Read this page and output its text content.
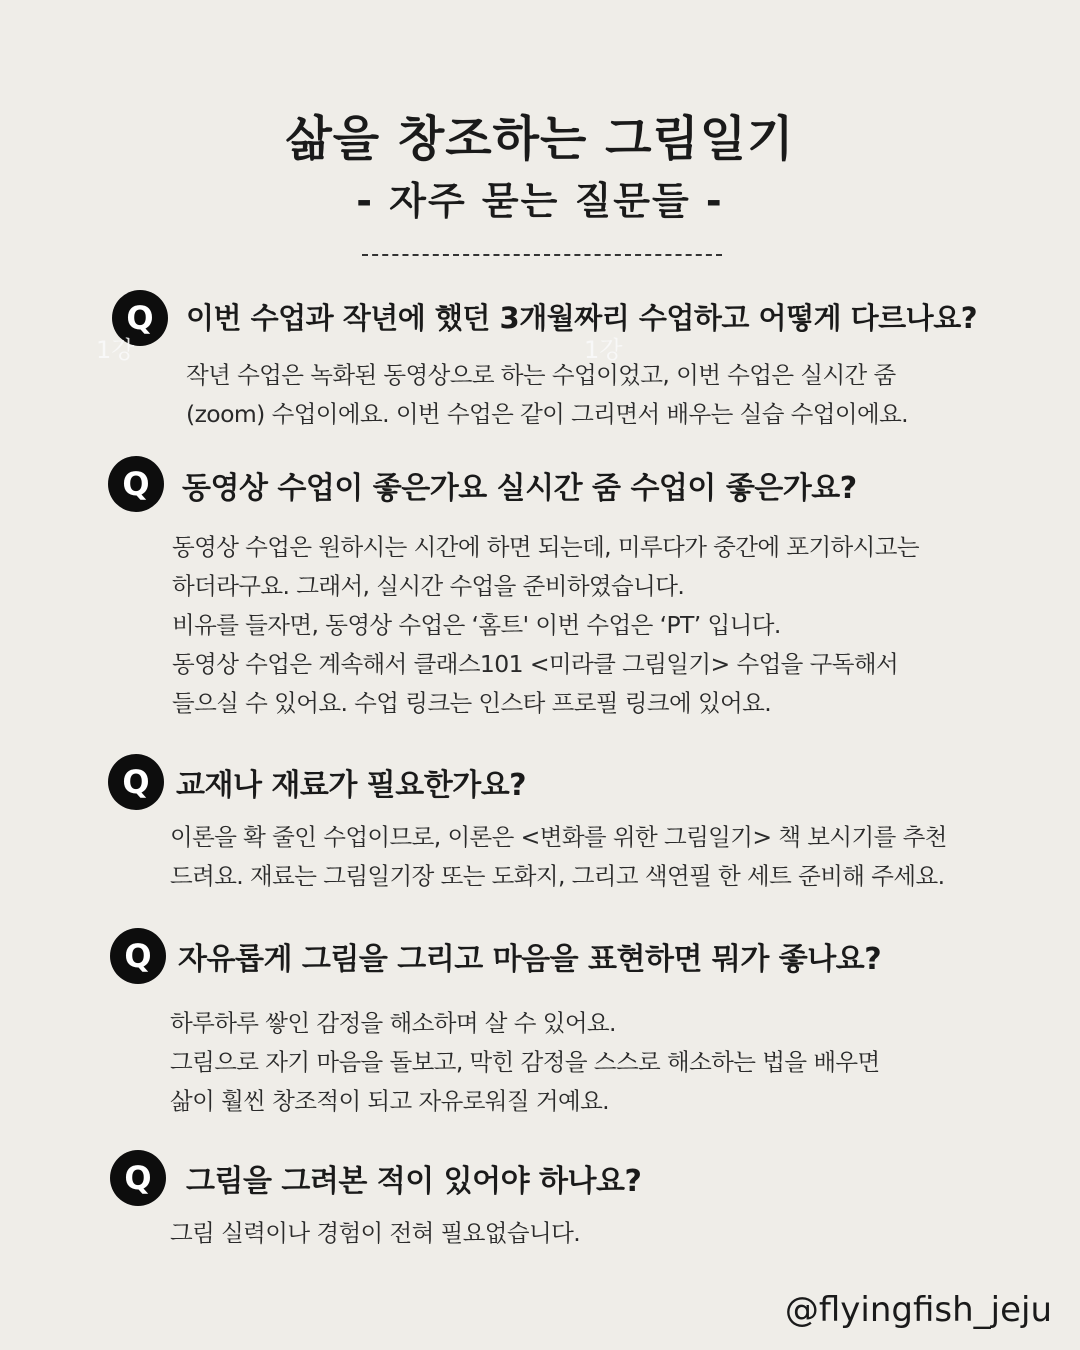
삶을 창조하는 그림일기
- 자주 묻는 질문들 -
Q	이번 수업과 작년에 했던 3개월짜리 수업하고 어떻게 다르나요?
작년 수업은 녹화된 동영상으로 하는 수업이었고, 이번 수업은 실시간 줌
(zoom) 수업이에요. 이번 수업은 같이 그리면서 배우는 실습 수업이에요.
1강	1강
Q	동영상 수업이 좋은가요 실시간 줌 수업이 좋은가요?
동영상 수업은 원하시는 시간에 하면 되는데, 미루다가 중간에 포기하시고는
하더라구요. 그래서, 실시간 수업을 준비하였습니다.
비유를 들자면, 동영상 수업은 ‘홈트' 이번 수업은 ‘PT’ 입니다.
동영상 수업은 계속해서 클래스101 <미라클 그림일기> 수업을 구독해서
들으실 수 있어요. 수업 링크는 인스타 프로필 링크에 있어요.
Q 교재나 재료가 필요한가요?
이론을 확 줄인 수업이므로, 이론은 <변화를 위한 그림일기> 책 보시기를 추천
드려요. 재료는 그림일기장 또는 도화지, 그리고 색연필 한 세트 준비해 주세요.
Q 자유롭게 그림을 그리고 마음을 표현하면 뭐가 좋나요?
하루하루 쌓인 감정을 해소하며 살 수 있어요.
그림으로 자기 마음을 돌보고, 막힌 감정을 스스로 해소하는 법을 배우면
삶이 훨씬 창조적이 되고 자유로워질 거예요.
Q	그림을 그려본 적이 있어야 하나요?
그림 실력이나 경험이 전혀 필요없습니다.
@flyingfish_jeju
